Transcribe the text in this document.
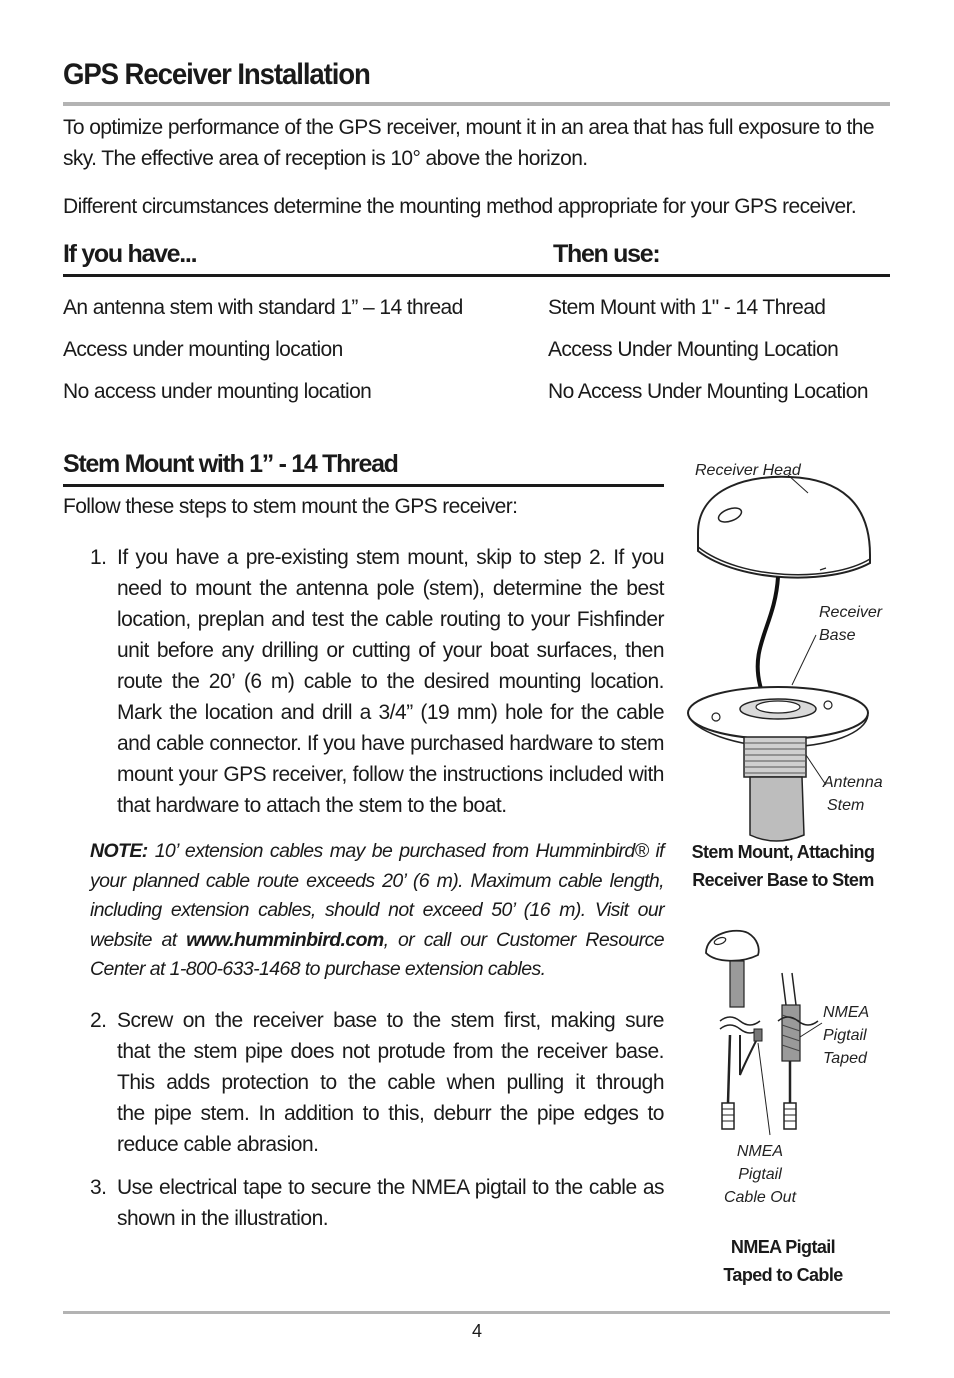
GPS Receiver Installation
To optimize performance of the GPS receiver, mount it in an area that has full exposure to the
sky. The effective area of reception is 10° above the horizon.
Different circumstances determine the mounting method appropriate for your GPS receiver.
If you have...	Then use:
An antenna stem with standard 1” – 14 thread	Stem Mount with 1" - 14 Thread
Access under mounting location	Access Under Mounting Location
No access under mounting location	No Access Under Mounting Location
Stem Mount with 1” - 14 Thread
Follow these steps to stem mount the GPS receiver:
1. If you have a pre-existing stem mount, skip to step 2. If you
need to mount the antenna pole (stem), determine the best
location, preplan and test the cable routing to your Fishfinder
unit before any drilling or cutting of your boat surfaces, then
route the 20’ (6 m) cable to the desired mounting location.
Mark the location and drill a 3/4” (19 mm) hole for the cable
and cable connector. If you have purchased hardware to stem
mount your GPS receiver, follow the instructions included with
that hardware to attach the stem to the boat.
NOTE: 10’ extension cables may be purchased from Humminbird® if
your planned cable route exceeds 20’ (6 m). Maximum cable length,
including extension cables, should not exceed 50’ (16 m). Visit our
website at www.humminbird.com, or call our Customer Resource
Center at 1-800-633-1468 to purchase extension cables.
2. Screw on the receiver base to the stem first, making sure
that the stem pipe does not protude from the receiver base.
This adds protection to the cable when pulling it through
the pipe stem. In addition to this, deburr the pipe edges to
reduce cable abrasion.
3. Use electrical tape to secure the NMEA pigtail to the cable as
shown in the illustration.
Receiver Head
Receiver
Base
Antenna
Stem
Stem Mount, Attaching
Receiver Base to Stem
NMEA
Pigtail
Taped
NMEA
Pigtail
Cable Out
NMEA Pigtail
Taped to Cable
4
